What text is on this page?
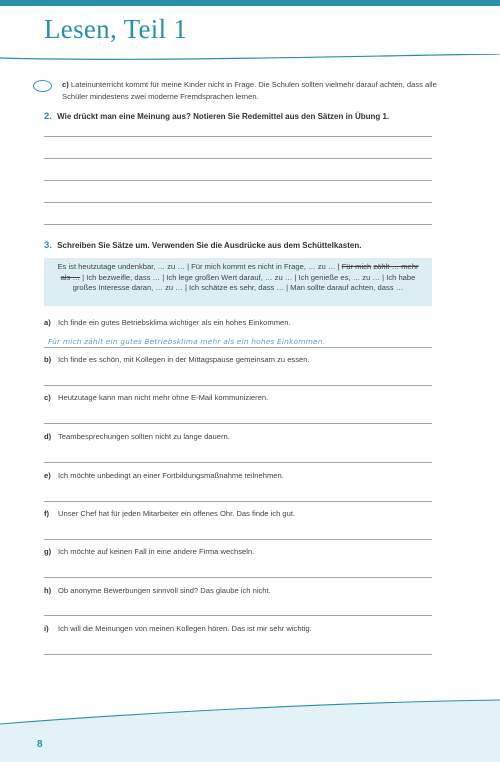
Lesen, Teil 1
c) Lateinunterricht kommt für meine Kinder nicht in Frage. Die Schulen sollten vielmehr darauf achten, dass alle Schüler mindestens zwei moderne Fremdsprachen lernen.
2. Wie drückt man eine Meinung aus? Notieren Sie Redemittel aus den Sätzen in Übung 1.
3. Schreiben Sie Sätze um. Verwenden Sie die Ausdrücke aus dem Schüttelkasten.
Es ist heutzutage undenkbar, … zu … | Für mich kommt es nicht in Frage, … zu … | Für mich zählt … mehr als … | Ich bezweifle, dass … | Ich lege großen Wert darauf, … zu … | Ich genieße es, … zu … | Ich habe großes Interesse daran, … zu … | Ich schätze es sehr, dass … | Man sollte darauf achten, dass …
a) Ich finde ein gutes Betriebsklima wichtiger als ein hohes Einkommen.
Für mich zählt ein gutes Betriebsklima mehr als ein hohes Einkommen.
b) Ich finde es schön, mit Kollegen in der Mittagspause gemeinsam zu essen.
c) Heutzutage kann man nicht mehr ohne E-Mail kommunizieren.
d) Teambesprechungen sollten nicht zu lange dauern.
e) Ich möchte unbedingt an einer Fortbildungsmaßnahme teilnehmen.
f) Unser Chef hat für jeden Mitarbeiter ein offenes Ohr. Das finde ich gut.
g) Ich möchte auf keinen Fall in eine andere Firma wechseln.
h) Ob anonyme Bewerbungen sinnvoll sind? Das glaube ich nicht.
i) Ich will die Meinungen von meinen Kollegen hören. Das ist mir sehr wichtig.
8
